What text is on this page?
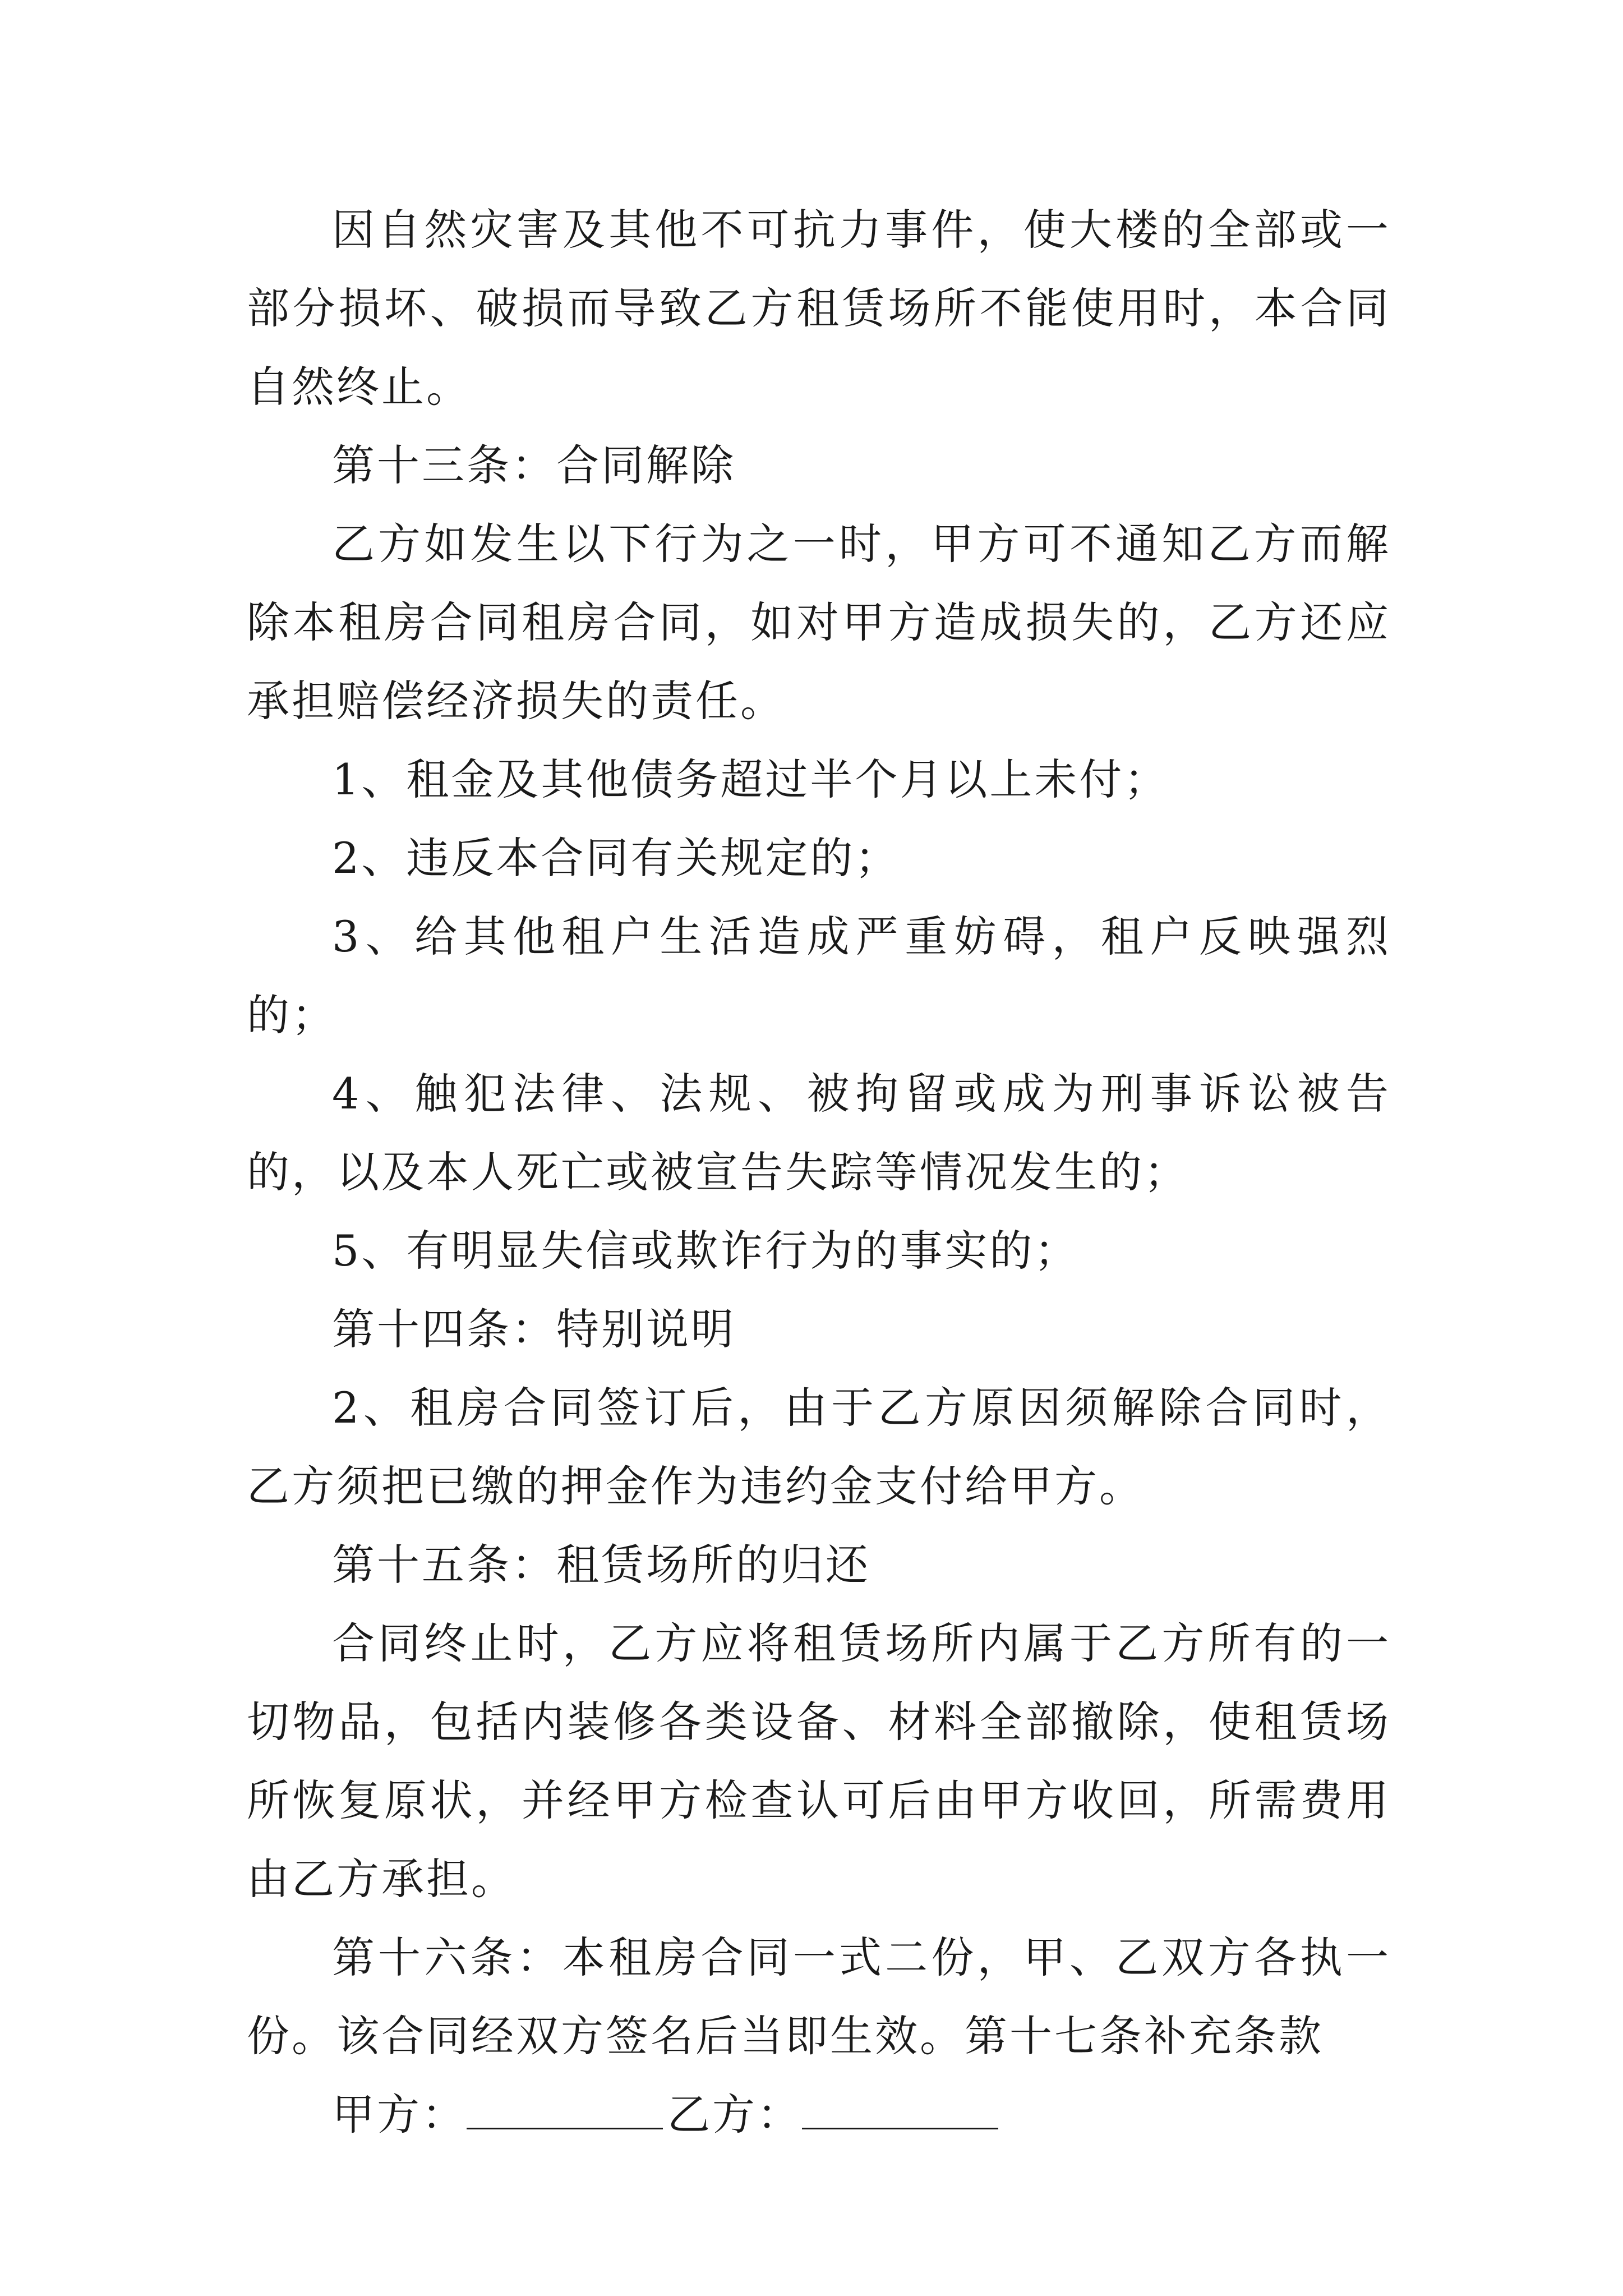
因自然灾害及其他不可抗力事件，使大楼的全部或一部分损坏、破损而导致乙方租赁场所不能使用时，本合同自然终止。

第十三条：合同解除

乙方如发生以下行为之一时，甲方可不通知乙方而解除本租房合同租房合同，如对甲方造成损失的，乙方还应承担赔偿经济损失的责任。

1、租金及其他债务超过半个月以上未付；

2、违反本合同有关规定的；

3、给其他租户生活造成严重妨碍，租户反映强烈的；

4、触犯法律、法规、被拘留或成为刑事诉讼被告的，以及本人死亡或被宣告失踪等情况发生的；

5、有明显失信或欺诈行为的事实的；

第十四条：特别说明

2、租房合同签订后，由于乙方原因须解除合同时，乙方须把已缴的押金作为违约金支付给甲方。

第十五条：租赁场所的归还

合同终止时，乙方应将租赁场所内属于乙方所有的一切物品，包括内装修各类设备、材料全部撤除，使租赁场所恢复原状，并经甲方检查认可后由甲方收回，所需费用由乙方承担。

第十六条：本租房合同一式二份，甲、乙双方各执一份。该合同经双方签名后当即生效。第十七条补充条款

甲方：	乙方：
